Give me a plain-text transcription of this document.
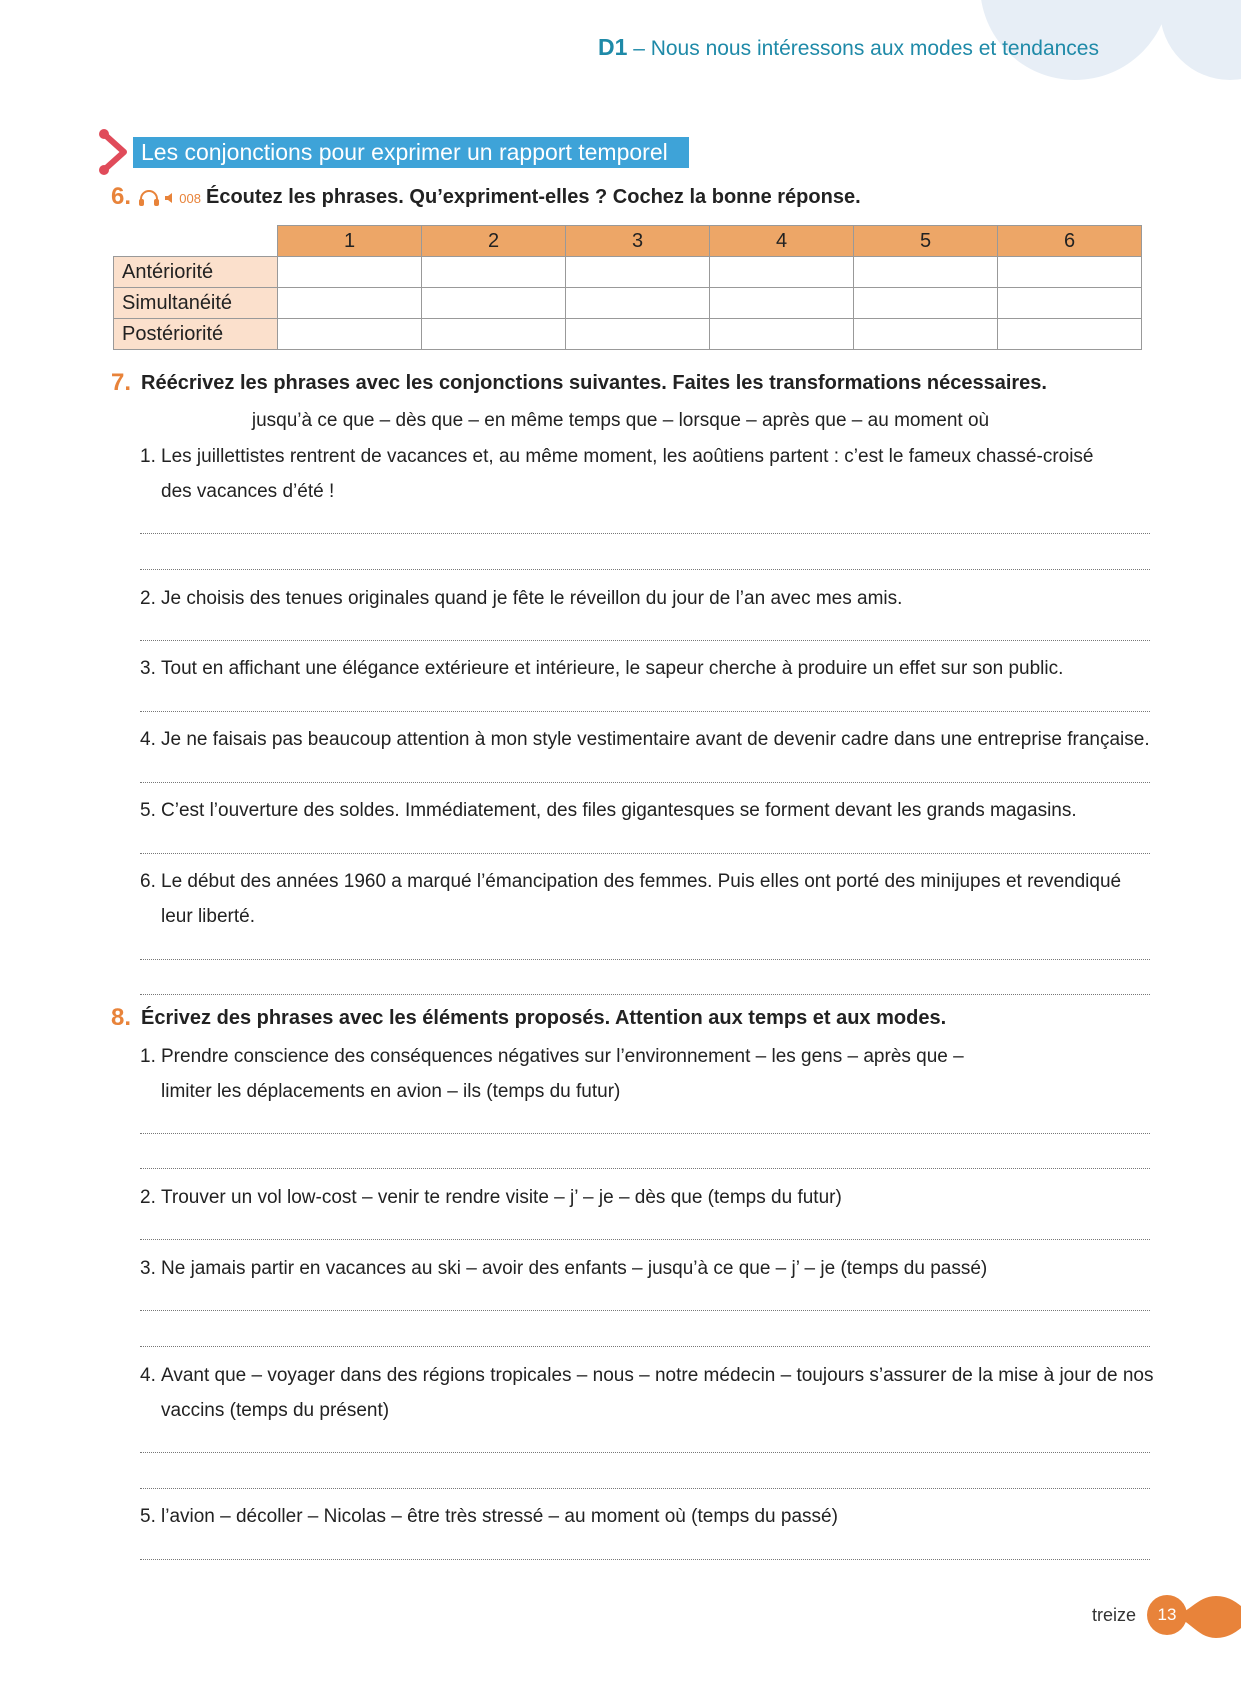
D1 – Nous nous intéressons aux modes et tendances
Les conjonctions pour exprimer un rapport temporel
6.	008 Écoutez les phrases. Qu’expriment-elles ? Cochez la bonne réponse.
	1	2	3	4	5	6
Antériorité						
Simultanéité						
Postériorité						
7. Réécrivez les phrases avec les conjonctions suivantes. Faites les transformations nécessaires.
jusqu’à ce que – dès que – en même temps que – lorsque – après que – au moment où
1. Les juillettistes rentrent de vacances et, au même moment, les aoûtiens partent : c’est le fameux chassé-croisé
des vacances d’été !
2. Je choisis des tenues originales quand je fête le réveillon du jour de l’an avec mes amis.
3. Tout en affichant une élégance extérieure et intérieure, le sapeur cherche à produire un effet sur son public.
4. Je ne faisais pas beaucoup attention à mon style vestimentaire avant de devenir cadre dans une entreprise française.
5. C’est l’ouverture des soldes. Immédiatement, des files gigantesques se forment devant les grands magasins.
6. Le début des années 1960 a marqué l’émancipation des femmes. Puis elles ont porté des minijupes et revendiqué
leur liberté.
8. Écrivez des phrases avec les éléments proposés. Attention aux temps et aux modes.
1. Prendre conscience des conséquences négatives sur l’environnement – les gens – après que –
limiter les déplacements en avion – ils (temps du futur)
2. Trouver un vol low-cost – venir te rendre visite – j’ – je – dès que (temps du futur)
3. Ne jamais partir en vacances au ski – avoir des enfants – jusqu’à ce que – j’ – je (temps du passé)
4. Avant que – voyager dans des régions tropicales – nous – notre médecin – toujours s’assurer de la mise à jour de nos
vaccins (temps du présent)
5. l’avion – décoller – Nicolas – être très stressé – au moment où (temps du passé)
treize	13
